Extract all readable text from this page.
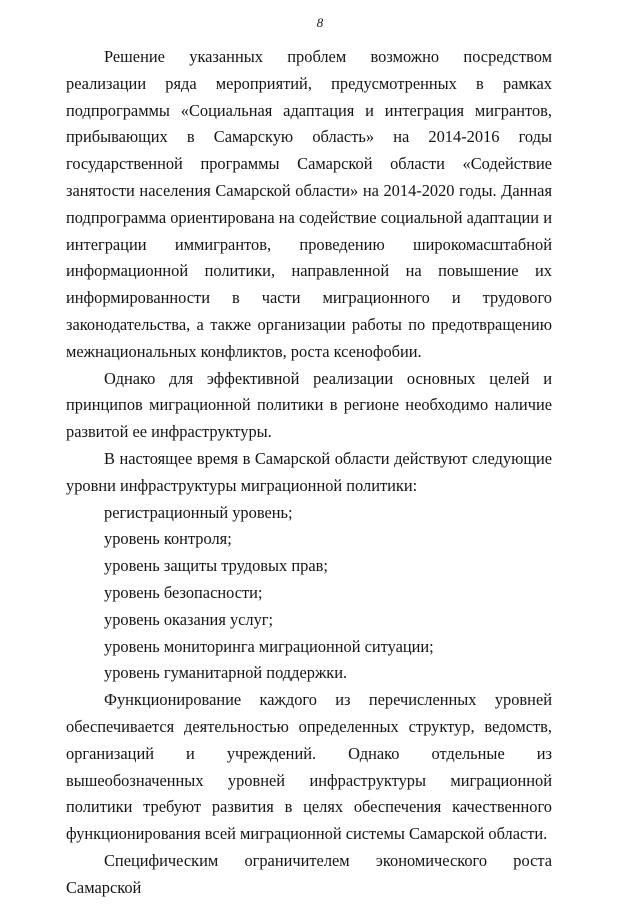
8

Решение указанных проблем возможно посредством реализации ряда мероприятий, предусмотренных в рамках подпрограммы «Социальная адаптация и интеграция мигрантов, прибывающих в Самарскую область» на 2014-2016 годы государственной программы Самарской области «Содействие занятости населения Самарской области» на 2014-2020 годы. Данная подпрограмма ориентирована на содействие социальной адаптации и интеграции иммигрантов, проведению широкомасштабной информационной политики, направленной на повышение их информированности в части миграционного и трудового законодательства, а также организации работы по предотвращению межнациональных конфликтов, роста ксенофобии.

Однако для эффективной реализации основных целей и принципов миграционной политики в регионе необходимо наличие развитой ее инфраструктуры.

В настоящее время в Самарской области действуют следующие уровни инфраструктуры миграционной политики:

регистрационный уровень;

уровень контроля;

уровень защиты трудовых прав;

уровень безопасности;

уровень оказания услуг;

уровень мониторинга миграционной ситуации;

уровень гуманитарной поддержки.

Функционирование каждого из перечисленных уровней обеспечивается деятельностью определенных структур, ведомств, организаций и учреждений. Однако отдельные из вышеобозначенных уровней инфраструктуры миграционной политики требуют развития в целях обеспечения качественного функционирования всей миграционной системы Самарской области.

Специфическим ограничителем экономического роста Самарской
